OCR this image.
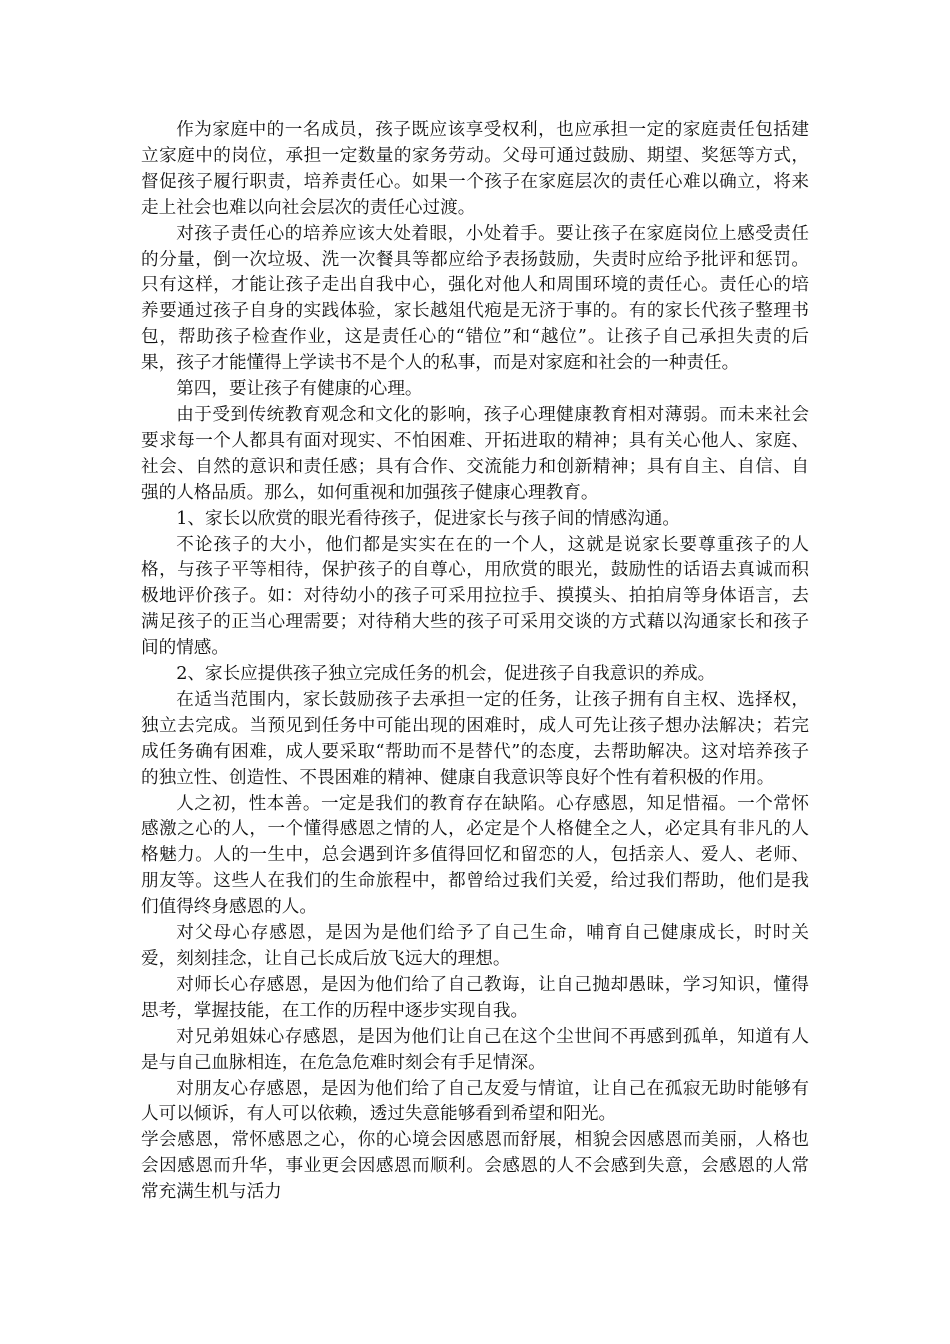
作为家庭中的一名成员，孩子既应该享受权利，也应承担一定的家庭责任包括建立家庭中的岗位，承担一定数量的家务劳动。父母可通过鼓励、期望、奖惩等方式，督促孩子履行职责，培养责任心。如果一个孩子在家庭层次的责任心难以确立，将来走上社会也难以向社会层次的责任心过渡。

对孩子责任心的培养应该大处着眼，小处着手。要让孩子在家庭岗位上感受责任的分量，倒一次垃圾、洗一次餐具等都应给予表扬鼓励，失责时应给予批评和惩罚。只有这样，才能让孩子走出自我中心，强化对他人和周围环境的责任心。责任心的培养要通过孩子自身的实践体验，家长越俎代疱是无济于事的。有的家长代孩子整理书包，帮助孩子检查作业，这是责任心的“错位”和“越位”。让孩子自己承担失责的后果，孩子才能懂得上学读书不是个人的私事，而是对家庭和社会的一种责任。

第四，要让孩子有健康的心理。

由于受到传统教育观念和文化的影响，孩子心理健康教育相对薄弱。而未来社会要求每一个人都具有面对现实、不怕困难、开拓进取的精神；具有关心他人、家庭、社会、自然的意识和责任感；具有合作、交流能力和创新精神；具有自主、自信、自强的人格品质。那么，如何重视和加强孩子健康心理教育。

1、家长以欣赏的眼光看待孩子，促进家长与孩子间的情感沟通。

不论孩子的大小，他们都是实实在在的一个人，这就是说家长要尊重孩子的人格，与孩子平等相待，保护孩子的自尊心，用欣赏的眼光，鼓励性的话语去真诚而积极地评价孩子。如：对待幼小的孩子可采用拉拉手、摸摸头、拍拍肩等身体语言，去满足孩子的正当心理需要；对待稍大些的孩子可采用交谈的方式藉以沟通家长和孩子间的情感。

2、家长应提供孩子独立完成任务的机会，促进孩子自我意识的养成。

在适当范围内，家长鼓励孩子去承担一定的任务，让孩子拥有自主权、选择权，独立去完成。当预见到任务中可能出现的困难时，成人可先让孩子想办法解决；若完成任务确有困难，成人要采取“帮助而不是替代”的态度，去帮助解决。这对培养孩子的独立性、创造性、不畏困难的精神、健康自我意识等良好个性有着积极的作用。

人之初，性本善。一定是我们的教育存在缺陷。心存感恩，知足惜福。一个常怀感激之心的人，一个懂得感恩之情的人，必定是个人格健全之人，必定具有非凡的人格魅力。人的一生中，总会遇到许多值得回忆和留恋的人，包括亲人、爱人、老师、朋友等。这些人在我们的生命旅程中，都曾给过我们关爱，给过我们帮助，他们是我们值得终身感恩的人。

对父母心存感恩，是因为是他们给予了自己生命，哺育自己健康成长，时时关爱，刻刻挂念，让自己长成后放飞远大的理想。

对师长心存感恩，是因为他们给了自己教诲，让自己抛却愚昧，学习知识，懂得思考，掌握技能，在工作的历程中逐步实现自我。

对兄弟姐妹心存感恩，是因为他们让自己在这个尘世间不再感到孤单，知道有人是与自己血脉相连，在危急危难时刻会有手足情深。

对朋友心存感恩，是因为他们给了自己友爱与情谊，让自己在孤寂无助时能够有人可以倾诉，有人可以依赖，透过失意能够看到希望和阳光。

学会感恩，常怀感恩之心，你的心境会因感恩而舒展，相貌会因感恩而美丽，人格也会因感恩而升华，事业更会因感恩而顺利。会感恩的人不会感到失意，会感恩的人常常充满生机与活力
